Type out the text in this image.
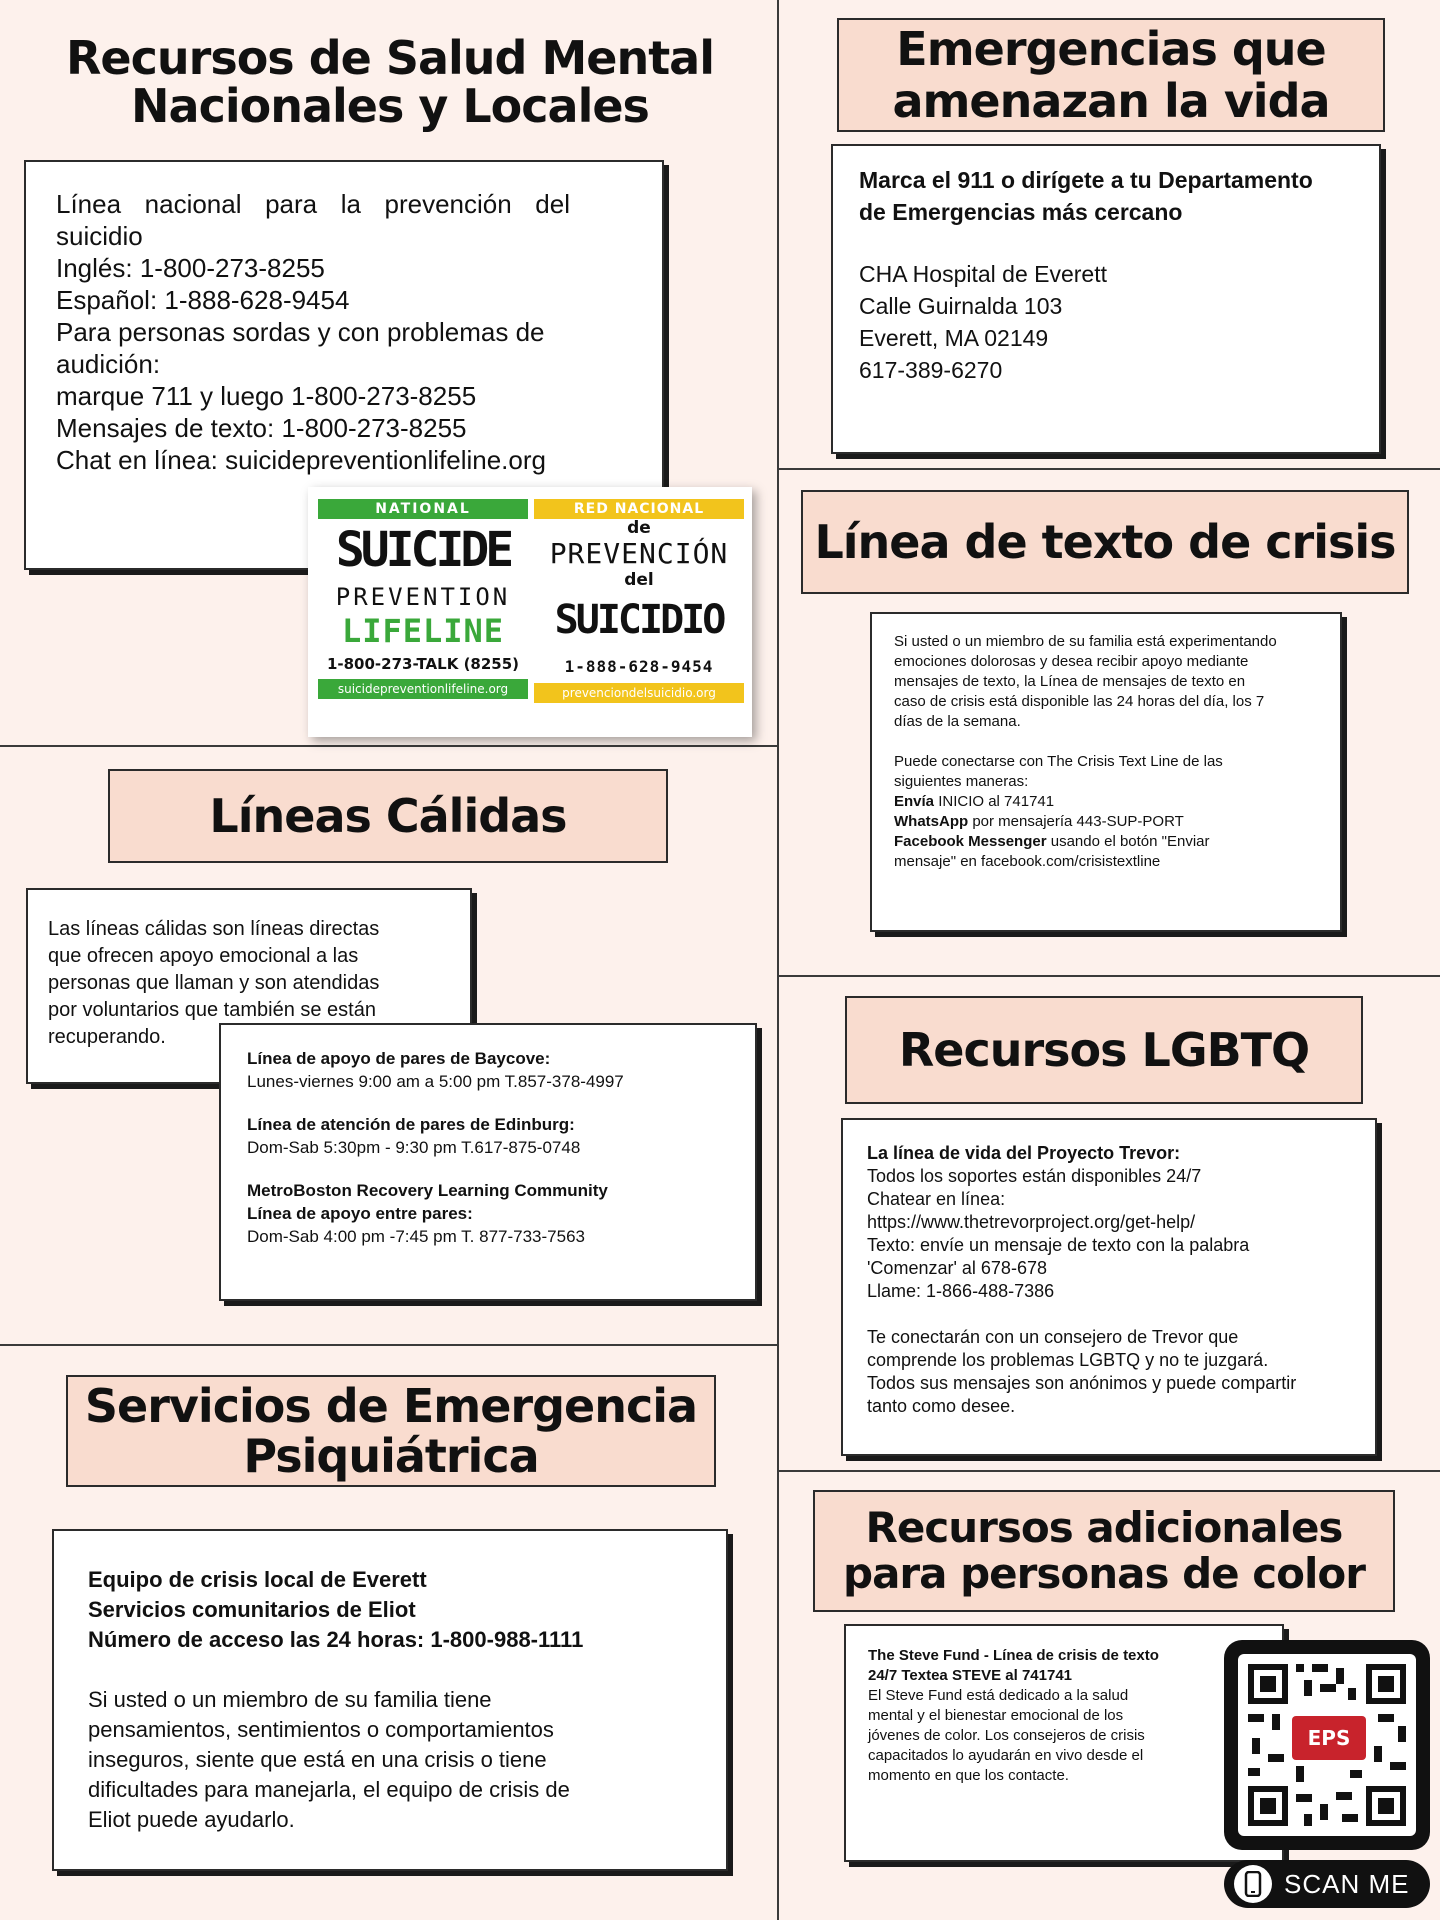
Recursos de Salud Mental
Nacionales y Locales
Línea nacional para la prevención del suicidio
Inglés: 1-800-273-8255
Español: 1-888-628-9454
Para personas sordas y con problemas de audición:
marque 711 y luego 1-800-273-8255
Mensajes de texto: 1-800-273-8255
Chat en línea: suicidepreventionlifeline.org
NATIONAL
SUICIDE
PREVENTION
LIFELINE
1-800-273-TALK (8255)
suicidepreventionlifeline.org
RED NACIONAL
de
PREVENCIÓN
del
SUICIDIO
1-888-628-9454
prevenciondelsuicidio.org
Líneas Cálidas
Las líneas cálidas son líneas directas que ofrecen apoyo emocional a las personas que llaman y son atendidas por voluntarios que también se están recuperando.
Línea de apoyo de pares de Baycove:
Lunes-viernes 9:00 am a 5:00 pm T.857-378-4997
Línea de atención de pares de Edinburg:
Dom-Sab 5:30pm - 9:30 pm T.617-875-0748
MetroBoston Recovery Learning Community
Línea de apoyo entre pares:
Dom-Sab 4:00 pm -7:45 pm T. 877-733-7563
Servicios de Emergencia
Psiquiátrica
Equipo de crisis local de Everett
Servicios comunitarios de Eliot
Número de acceso las 24 horas: 1-800-988-1111
Si usted o un miembro de su familia tiene pensamientos, sentimientos o comportamientos inseguros, siente que está en una crisis o tiene dificultades para manejarla, el equipo de crisis de Eliot puede ayudarlo.
Emergencias que
amenazan la vida
Marca el 911 o dirígete a tu Departamento de Emergencias más cercano
CHA Hospital de Everett
Calle Guirnalda 103
Everett, MA 02149
617-389-6270
Línea de texto de crisis
Si usted o un miembro de su familia está experimentando emociones dolorosas y desea recibir apoyo mediante mensajes de texto, la Línea de mensajes de texto en caso de crisis está disponible las 24 horas del día, los 7 días de la semana.
Puede conectarse con The Crisis Text Line de las siguientes maneras:
Envía INICIO al 741741
WhatsApp por mensajería 443-SUP-PORT
Facebook Messenger usando el botón "Enviar mensaje" en facebook.com/crisistextline
Recursos LGBTQ
La línea de vida del Proyecto Trevor:
Todos los soportes están disponibles 24/7
Chatear en línea:
https://www.thetrevorproject.org/get-help/
Texto: envíe un mensaje de texto con la palabra
'Comenzar' al 678-678
Llame: 1-866-488-7386
Te conectarán con un consejero de Trevor que comprende los problemas LGBTQ y no te juzgará. Todos sus mensajes son anónimos y puede compartir tanto como desee.
Recursos adicionales
para personas de color
The Steve Fund - Línea de crisis de texto
24/7 Textea STEVE al 741741
El Steve Fund está dedicado a la salud mental y el bienestar emocional de los jóvenes de color. Los consejeros de crisis capacitados lo ayudarán en vivo desde el momento en que los contacte.
EPS
SCAN ME
